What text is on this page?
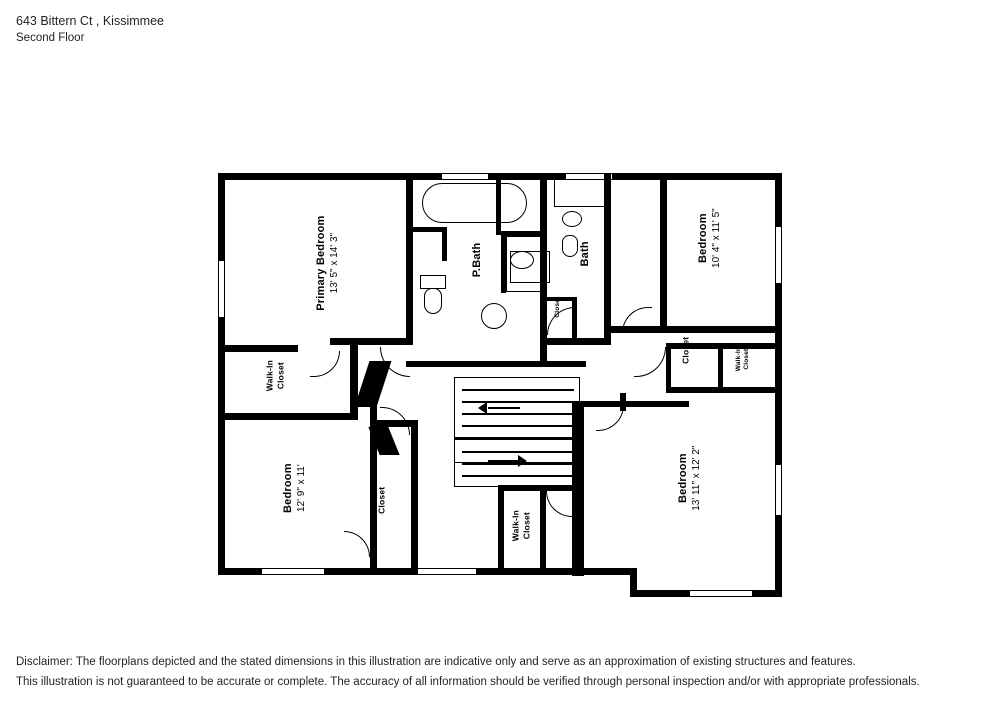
643 Bittern Ct , Kissimmee
Second Floor
Primary Bedroom 13' 5" x 14' 3"	P.Bath	Bath	Bedroom 10' 4" x 11' 5"
Walk-In Closet
Closet
Closet	Walk-In Closet
Bedroom 12' 9" x 11'	Closet
Walk-In Closet
Bedroom 13' 11" x 12' 2"
Disclaimer: The floorplans depicted and the stated dimensions in this illustration are indicative only and serve as an approximation of existing structures and features.
This illustration is not guaranteed to be accurate or complete. The accuracy of all information should be verified through personal inspection and/or with appropriate professionals.
